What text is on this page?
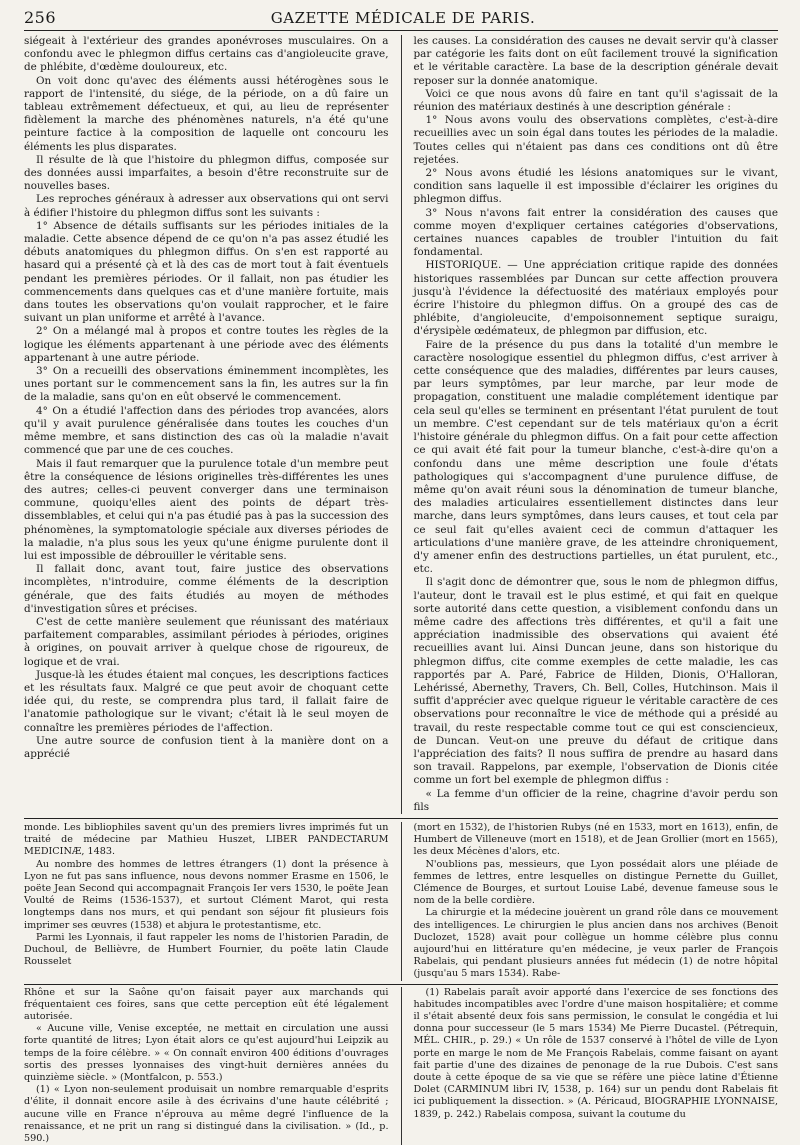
256	GAZETTE MÉDICALE DE PARIS.

siégeait à l'extérieur des grandes aponévroses musculaires. On a confondu avec le phlegmon diffus certains cas d'angioleucite grave, de phlébite, d'œdème douloureux, etc.

On voit donc qu'avec des éléments aussi hétérogènes sous le rapport de l'intensité, du siége, de la période, on a dû faire un tableau extrêmement défectueux, et qui, au lieu de représenter fidèlement la marche des phénomènes naturels, n'a été qu'une peinture factice à la composition de laquelle ont concouru les éléments les plus disparates.

Il résulte de là que l'histoire du phlegmon diffus, composée sur des données aussi imparfaites, a besoin d'être reconstruite sur de nouvelles bases.

Les reproches généraux à adresser aux observations qui ont servi à édifier l'histoire du phlegmon diffus sont les suivants :

1° Absence de détails suffisants sur les périodes initiales de la maladie. Cette absence dépend de ce qu'on n'a pas assez étudié les débuts anatomiques du phlegmon diffus. On s'en est rapporté au hasard qui a présenté çà et là des cas de mort tout à fait éventuels pendant les premières périodes. Or il fallait, non pas étudier les commencements dans quelques cas et d'une manière fortuite, mais dans toutes les observations qu'on voulait rapprocher, et le faire suivant un plan uniforme et arrêté à l'avance.

2° On a mélangé mal à propos et contre toutes les règles de la logique les éléments appartenant à une période avec des éléments appartenant à une autre période.

3° On a recueilli des observations éminemment incomplètes, les unes portant sur le commencement sans la fin, les autres sur la fin de la maladie, sans qu'on en eût observé le commencement.

4° On a étudié l'affection dans des périodes trop avancées, alors qu'il y avait purulence généralisée dans toutes les couches d'un même membre, et sans distinction des cas où la maladie n'avait commencé que par une de ces couches.

Mais il faut remarquer que la purulence totale d'un membre peut être la conséquence de lésions originelles très-différentes les unes des autres; celles-ci peuvent converger dans une terminaison commune, quoiqu'elles aient des points de départ très-dissemblables, et celui qui n'a pas étudié pas à pas la succession des phénomènes, la symptomatologie spéciale aux diverses périodes de la maladie, n'a plus sous les yeux qu'une énigme purulente dont il lui est impossible de débrouiller le véritable sens.

Il fallait donc, avant tout, faire justice des observations incomplètes, n'introduire, comme éléments de la description générale, que des faits étudiés au moyen de méthodes d'investigation sûres et précises.

C'est de cette manière seulement que réunissant des matériaux parfaitement comparables, assimilant périodes à périodes, origines à origines, on pouvait arriver à quelque chose de rigoureux, de logique et de vrai.

Jusque-là les études étaient mal conçues, les descriptions factices et les résultats faux. Malgré ce que peut avoir de choquant cette idée qui, du reste, se comprendra plus tard, il fallait faire de l'anatomie pathologique sur le vivant; c'était là le seul moyen de connaître les premières périodes de l'affection.

Une autre source de confusion tient à la manière dont on a apprécié

les causes. La considération des causes ne devait servir qu'à classer par catégorie les faits dont on eût facilement trouvé la signification et le véritable caractère. La base de la description générale devait reposer sur la donnée anatomique.

Voici ce que nous avons dû faire en tant qu'il s'agissait de la réunion des matériaux destinés à une description générale :

1° Nous avons voulu des observations complètes, c'est-à-dire recueillies avec un soin égal dans toutes les périodes de la maladie. Toutes celles qui n'étaient pas dans ces conditions ont dû être rejetées.

2° Nous avons étudié les lésions anatomiques sur le vivant, condition sans laquelle il est impossible d'éclairer les origines du phlegmon diffus.

3° Nous n'avons fait entrer la considération des causes que comme moyen d'expliquer certaines catégories d'observations, certaines nuances capables de troubler l'intuition du fait fondamental.

HISTORIQUE. — Une appréciation critique rapide des données historiques rassemblées par Duncan sur cette affection prouvera jusqu'à l'évidence la défectuosité des matériaux employés pour écrire l'histoire du phlegmon diffus. On a groupé des cas de phlébite, d'angioleucite, d'empoisonnement septique suraigu, d'érysipèle œdémateux, de phlegmon par diffusion, etc.

Faire de la présence du pus dans la totalité d'un membre le caractère nosologique essentiel du phlegmon diffus, c'est arriver à cette conséquence que des maladies, différentes par leurs causes, par leurs symptômes, par leur marche, par leur mode de propagation, constituent une maladie complétement identique par cela seul qu'elles se terminent en présentant l'état purulent de tout un membre. C'est cependant sur de tels matériaux qu'on a écrit l'histoire générale du phlegmon diffus. On a fait pour cette affection ce qui avait été fait pour la tumeur blanche, c'est-à-dire qu'on a confondu dans une même description une foule d'états pathologiques qui s'accompagnent d'une purulence diffuse, de même qu'on avait réuni sous la dénomination de tumeur blanche, des maladies articulaires essentiellement distinctes dans leur marche, dans leurs symptômes, dans leurs causes, et tout cela par ce seul fait qu'elles avaient ceci de commun d'attaquer les articulations d'une manière grave, de les atteindre chroniquement, d'y amener enfin des destructions partielles, un état purulent, etc., etc.

Il s'agit donc de démontrer que, sous le nom de phlegmon diffus, l'auteur, dont le travail est le plus estimé, et qui fait en quelque sorte autorité dans cette question, a visiblement confondu dans un même cadre des affections très différentes, et qu'il a fait une appréciation inadmissible des observations qui avaient été recueillies avant lui. Ainsi Duncan jeune, dans son historique du phlegmon diffus, cite comme exemples de cette maladie, les cas rapportés par A. Paré, Fabrice de Hilden, Dionis, O'Halloran, Lehérissé, Abernethy, Travers, Ch. Bell, Colles, Hutchinson. Mais il suffit d'apprécier avec quelque rigueur le véritable caractère de ces observations pour reconnaître le vice de méthode qui a présidé au travail, du reste respectable comme tout ce qui est consciencieux, de Duncan. Veut-on une preuve du défaut de critique dans l'appréciation des faits? Il nous suffira de prendre au hasard dans son travail. Rappelons, par exemple, l'observation de Dionis citée comme un fort bel exemple de phlegmon diffus :

« La femme d'un officier de la reine, chagrine d'avoir perdu son fils

monde. Les bibliophiles savent qu'un des premiers livres imprimés fut un traité de médecine par Mathieu Huszet, LIBER PANDECTARUM MEDICINÆ, 1483.

Au nombre des hommes de lettres étrangers (1) dont la présence à Lyon ne fut pas sans influence, nous devons nommer Erasme en 1506, le poëte Jean Second qui accompagnait François Ier vers 1530, le poëte Jean Voulté de Reims (1536-1537), et surtout Clément Marot, qui resta longtemps dans nos murs, et qui pendant son séjour fit plusieurs fois imprimer ses œuvres (1538) et abjura le protestantisme, etc.

Parmi les Lyonnais, il faut rappeler les noms de l'historien Paradin, de Duchoul, de Bellièvre, de Humbert Fournier, du poëte latin Claude Rousselet

(mort en 1532), de l'historien Rubys (né en 1533, mort en 1613), enfin, de Humbert de Villeneuve (mort en 1518), et de Jean Grollier (mort en 1565), les deux Mécènes d'alors, etc.

N'oublions pas, messieurs, que Lyon possédait alors une pléiade de femmes de lettres, entre lesquelles on distingue Pernette du Guillet, Clémence de Bourges, et surtout Louise Labé, devenue fameuse sous le nom de la belle cordière.

La chirurgie et la médecine jouèrent un grand rôle dans ce mouvement des intelligences. Le chirurgien le plus ancien dans nos archives (Benoit Duclozet, 1528) avait pour collègue un homme célèbre plus connu aujourd'hui en littérature qu'en médecine, je veux parler de François Rabelais, qui pendant plusieurs années fut médecin (1) de notre hôpital (jusqu'au 5 mars 1534). Rabe-

Rhône et sur la Saône qu'on faisait payer aux marchands qui fréquentaient ces foires, sans que cette perception eût été légalement autorisée.

« Aucune ville, Venise exceptée, ne mettait en circulation une aussi forte quantité de litres; Lyon était alors ce qu'est aujourd'hui Leipzik au temps de la foire célèbre. » « On connaît environ 400 éditions d'ouvrages sortis des presses lyonnaises des vingt-huit dernières années du quinzième siècle. » (Montfalcon, p. 553.)

(1) « Lyon non-seulement produisait un nombre remarquable d'esprits d'élite, il donnait encore asile à des écrivains d'une haute célébrité ; aucune ville en France n'éprouva au même degré l'influence de la renaissance, et ne prit un rang si distingué dans la civilisation. » (Id., p. 590.)

(1) Rabelais paraît avoir apporté dans l'exercice de ses fonctions des habitudes incompatibles avec l'ordre d'une maison hospitalière; et comme il s'était absenté deux fois sans permission, le consulat le congédia et lui donna pour successeur (le 5 mars 1534) Me Pierre Ducastel. (Pétrequin, MÉL. CHIR., p. 29.) « Un rôle de 1537 conservé à l'hôtel de ville de Lyon porte en marge le nom de Me François Rabelais, comme faisant on ayant fait partie d'une des dizaines de penonage de la rue Dubois. C'est sans doute à cette époque de sa vie que se réfère une pièce latine d'Étienne Dolet (CARMINUM libri IV, 1538, p. 164) sur un pendu dont Rabelais fit ici publiquement la dissection. » (A. Péricaud, BIOGRAPHIE LYONNAISE, 1839, p. 242.) Rabelais composa, suivant la coutume du
